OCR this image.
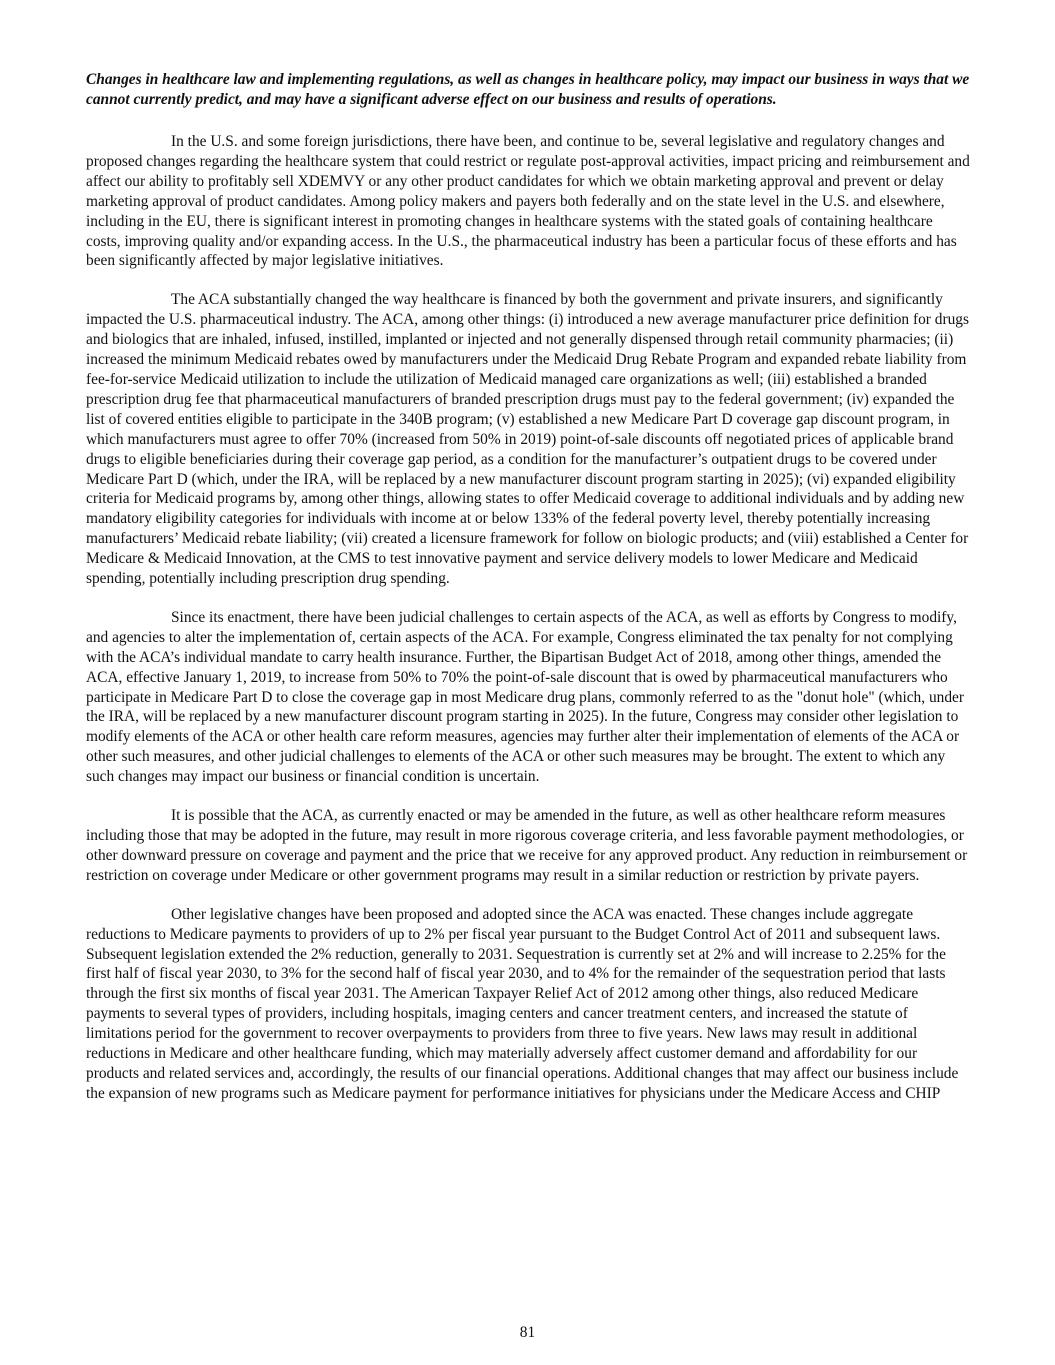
Changes in healthcare law and implementing regulations, as well as changes in healthcare policy, may impact our business in ways that we cannot currently predict, and may have a significant adverse effect on our business and results of operations.

In the U.S. and some foreign jurisdictions, there have been, and continue to be, several legislative and regulatory changes and proposed changes regarding the healthcare system that could restrict or regulate post-approval activities, impact pricing and reimbursement and affect our ability to profitably sell XDEMVY or any other product candidates for which we obtain marketing approval and prevent or delay marketing approval of product candidates. Among policy makers and payers both federally and on the state level in the U.S. and elsewhere, including in the EU, there is significant interest in promoting changes in healthcare systems with the stated goals of containing healthcare costs, improving quality and/or expanding access. In the U.S., the pharmaceutical industry has been a particular focus of these efforts and has been significantly affected by major legislative initiatives.

The ACA substantially changed the way healthcare is financed by both the government and private insurers, and significantly impacted the U.S. pharmaceutical industry. The ACA, among other things: (i) introduced a new average manufacturer price definition for drugs and biologics that are inhaled, infused, instilled, implanted or injected and not generally dispensed through retail community pharmacies; (ii) increased the minimum Medicaid rebates owed by manufacturers under the Medicaid Drug Rebate Program and expanded rebate liability from fee-for-service Medicaid utilization to include the utilization of Medicaid managed care organizations as well; (iii) established a branded prescription drug fee that pharmaceutical manufacturers of branded prescription drugs must pay to the federal government; (iv) expanded the list of covered entities eligible to participate in the 340B program; (v) established a new Medicare Part D coverage gap discount program, in which manufacturers must agree to offer 70% (increased from 50% in 2019) point-of-sale discounts off negotiated prices of applicable brand drugs to eligible beneficiaries during their coverage gap period, as a condition for the manufacturer’s outpatient drugs to be covered under Medicare Part D (which, under the IRA, will be replaced by a new manufacturer discount program starting in 2025); (vi) expanded eligibility criteria for Medicaid programs by, among other things, allowing states to offer Medicaid coverage to additional individuals and by adding new mandatory eligibility categories for individuals with income at or below 133% of the federal poverty level, thereby potentially increasing manufacturers’ Medicaid rebate liability; (vii) created a licensure framework for follow on biologic products; and (viii) established a Center for Medicare & Medicaid Innovation, at the CMS to test innovative payment and service delivery models to lower Medicare and Medicaid spending, potentially including prescription drug spending.

Since its enactment, there have been judicial challenges to certain aspects of the ACA, as well as efforts by Congress to modify, and agencies to alter the implementation of, certain aspects of the ACA. For example, Congress eliminated the tax penalty for not complying with the ACA’s individual mandate to carry health insurance. Further, the Bipartisan Budget Act of 2018, among other things, amended the ACA, effective January 1, 2019, to increase from 50% to 70% the point-of-sale discount that is owed by pharmaceutical manufacturers who participate in Medicare Part D to close the coverage gap in most Medicare drug plans, commonly referred to as the "donut hole" (which, under the IRA, will be replaced by a new manufacturer discount program starting in 2025). In the future, Congress may consider other legislation to modify elements of the ACA or other health care reform measures, agencies may further alter their implementation of elements of the ACA or other such measures, and other judicial challenges to elements of the ACA or other such measures may be brought. The extent to which any such changes may impact our business or financial condition is uncertain.

It is possible that the ACA, as currently enacted or may be amended in the future, as well as other healthcare reform measures including those that may be adopted in the future, may result in more rigorous coverage criteria, and less favorable payment methodologies, or other downward pressure on coverage and payment and the price that we receive for any approved product. Any reduction in reimbursement or restriction on coverage under Medicare or other government programs may result in a similar reduction or restriction by private payers.

Other legislative changes have been proposed and adopted since the ACA was enacted. These changes include aggregate reductions to Medicare payments to providers of up to 2% per fiscal year pursuant to the Budget Control Act of 2011 and subsequent laws. Subsequent legislation extended the 2% reduction, generally to 2031. Sequestration is currently set at 2% and will increase to 2.25% for the first half of fiscal year 2030, to 3% for the second half of fiscal year 2030, and to 4% for the remainder of the sequestration period that lasts through the first six months of fiscal year 2031. The American Taxpayer Relief Act of 2012 among other things, also reduced Medicare payments to several types of providers, including hospitals, imaging centers and cancer treatment centers, and increased the statute of limitations period for the government to recover overpayments to providers from three to five years. New laws may result in additional reductions in Medicare and other healthcare funding, which may materially adversely affect customer demand and affordability for our products and related services and, accordingly, the results of our financial operations. Additional changes that may affect our business include the expansion of new programs such as Medicare payment for performance initiatives for physicians under the Medicare Access and CHIP

81
